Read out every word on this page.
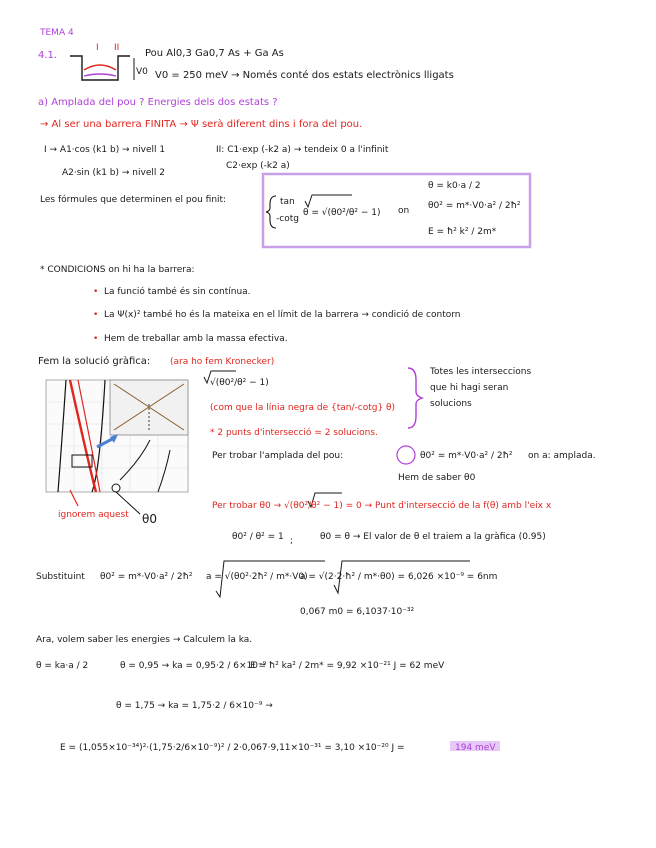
TEMA 4
4.1.
I II
V0
Pou Al0,3 Ga0,7 As + Ga As
V0 = 250 meV → Només conté dos estats electrònics lligats
a) Amplada del pou ? Energies dels dos estats ?
→ Al ser una barrera FINITA → Ψ serà diferent dins i fora del pou.
I → A1·cos (k1 b) → nivell 1
A2·sin (k1 b) → nivell 2
II: C1·exp (-k2 a) → tendeix 0 a l'infinit
C2·exp (-k2 a)
Les fórmules que determinen el pou finit:	tan
-cotg
θ = √(θ0²/θ² − 1) on
θ = k0·a / 2
θ0² = m*·V0·a² / 2ħ²
E = ħ² k² / 2m*
* CONDICIONS on hi ha la barrera:
• La funció també és sin contínua.
• La Ψ(x)² també ho és la mateixa en el límit de la barrera → condició de contorn
• Hem de treballar amb la massa efectiva.
Fem la solució gràfica: (ara ho fem Kronecker)
√(θ0²/θ² − 1)
(com que la línia negra de {tan/-cotg} θ)
Totes les interseccions que hi hagi seran solucions
* 2 punts d'intersecció = 2 solucions.
Per trobar l'amplada del pou:	θ0² = m*·V0·a² / 2ħ² on a: amplada.
Hem de saber θ0
Per trobar θ0 → √(θ0²/θ² − 1) = 0 → Punt d'intersecció de la f(θ) amb l'eix x
ignorem aquest θ0
θ0² / θ² = 1 ;	θ0 = θ → El valor de θ el traiem a la gràfica (0.95)
Substituint θ0² = m*·V0·a² / 2ħ² a = √(θ0²·2ħ² / m*·V0)
a = √(2·2·ħ² / m*·θ0) = 6,026 ×10⁻⁹ = 6nm
0,067 m0 = 6,1037·10⁻³²
Ara, volem saber les energies → Calculem la ka.
θ = ka·a / 2	θ = 0,95 → ka = 0,95·2 / 6×10⁻⁹
E = ħ² ka² / 2m* = 9,92 ×10⁻²¹ J = 62 meV
θ = 1,75 → ka = 1,75·2 / 6×10⁻⁹ →
E = (1,055×10⁻³⁴)²·(1,75·2/6×10⁻⁹)² / 2·0,067·9,11×10⁻³¹ = 3,10 ×10⁻²⁰ J =	194 meV
